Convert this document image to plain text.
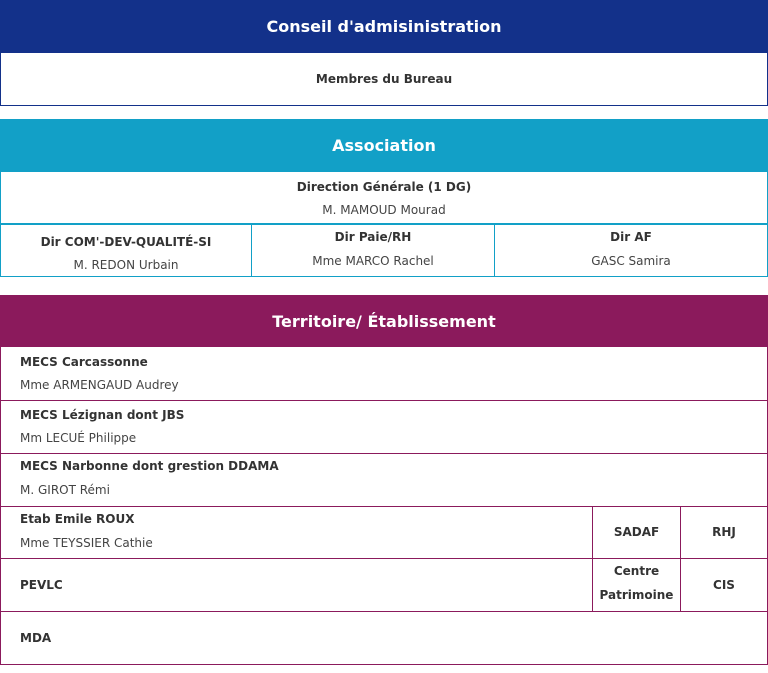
Conseil d'admisinistration
Membres du Bureau
Association
Direction Générale (1 DG)
M. MAMOUD Mourad
Dir COM'-DEV-QUALITÉ-SI
M. REDON Urbain
Dir Paie/RH
Mme MARCO Rachel
Dir AF
GASC Samira
Territoire/ Établissement
MECS Carcassonne
Mme ARMENGAUD Audrey
MECS Lézignan dont JBS
Mm LECUÉ Philippe
MECS Narbonne dont grestion DDAMA
M. GIROT Rémi
Etab Emile ROUX
Mme TEYSSIER Cathie
SADAF	RHJ
PEVLC
Centre
Patrimoine
CIS
MDA
